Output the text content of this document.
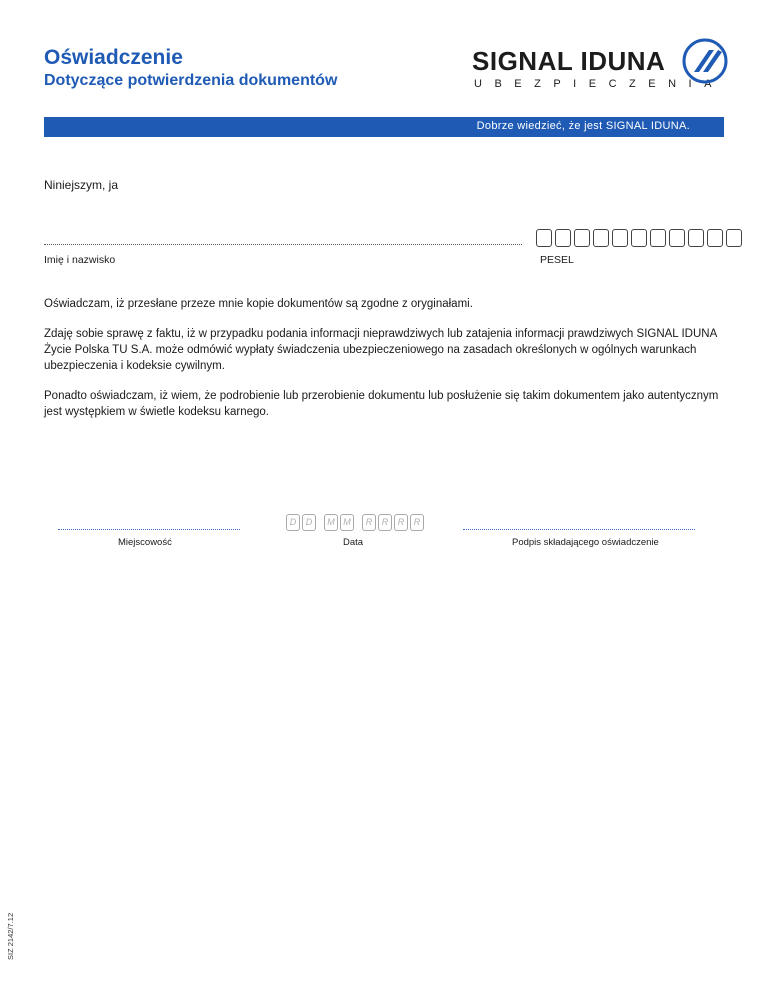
Oświadczenie
Dotyczące potwierdzenia dokumentów
SIGNAL IDUNA
UBEZPIECZENIA
Dobrze wiedzieć, że jest SIGNAL IDUNA.
Niniejszym, ja
Imię i nazwisko	PESEL

Oświadczam, iż przesłane przeze mnie kopie dokumentów są zgodne z oryginałami.

Zdaję sobie sprawę z faktu, iż w przypadku podania informacji nieprawdziwych lub zatajenia informacji prawdziwych SIGNAL IDUNA Życie Polska TU S.A. może odmówić wypłaty świadczenia ubezpieczeniowego na zasadach określonych w ogólnych warunkach ubezpieczenia i kodeksie cywilnym.

Ponadto oświadczam, iż wiem, że podrobienie lub przerobienie dokumentu lub posłużenie się takim dokumentem jako autentycznym jest występkiem w świetle kodeksu karnego.

D	D	M M	R	R	R	R
Miejscowość	Data	Podpis składającego oświadczenie
SIZ 2142/7.12
